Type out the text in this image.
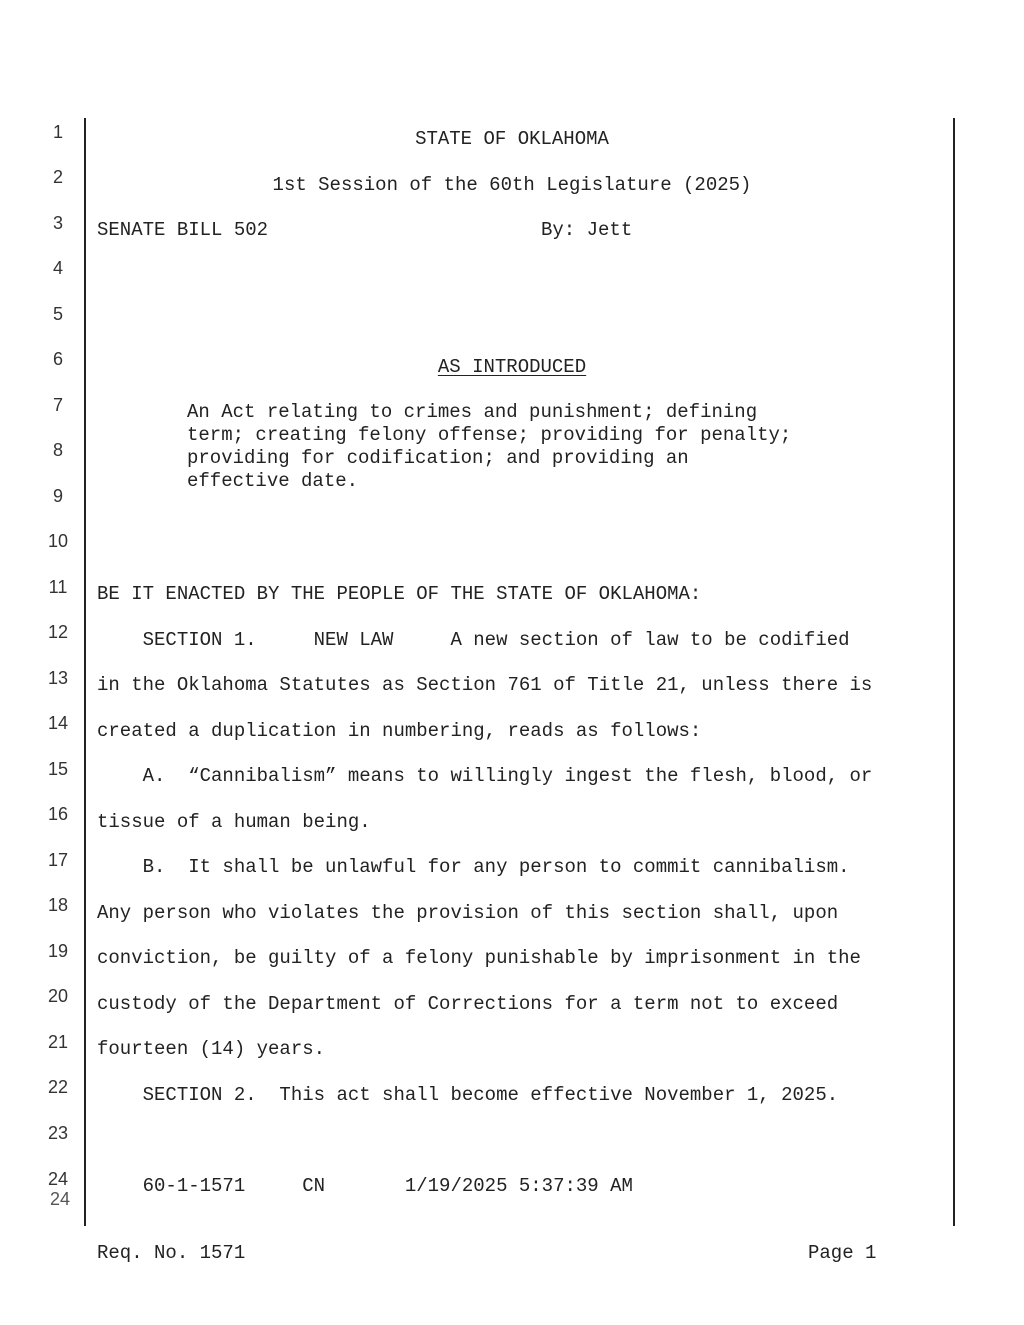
1
2
3
4
5
6
7
8
9
10
11
12
13
14
15
16
17
18
19
20
21
22
23
24
24
STATE OF OKLAHOMA
1st Session of the 60th Legislature (2025)
SENATE BILL 502	By: Jett
AS INTRODUCED
An Act relating to crimes and punishment; defining
term; creating felony offense; providing for penalty;
providing for codification; and providing an
effective date.
BE IT ENACTED BY THE PEOPLE OF THE STATE OF OKLAHOMA:
SECTION 1.     NEW LAW     A new section of law to be codified
in the Oklahoma Statutes as Section 761 of Title 21, unless there is
created a duplication in numbering, reads as follows:
A.  “Cannibalism” means to willingly ingest the flesh, blood, or
tissue of a human being.
B.  It shall be unlawful for any person to commit cannibalism.
Any person who violates the provision of this section shall, upon
conviction, be guilty of a felony punishable by imprisonment in the
custody of the Department of Corrections for a term not to exceed
fourteen (14) years.
SECTION 2.  This act shall become effective November 1, 2025.
60-1-1571     CN       1/19/2025 5:37:39 AM
Req. No. 1571	Page 1
